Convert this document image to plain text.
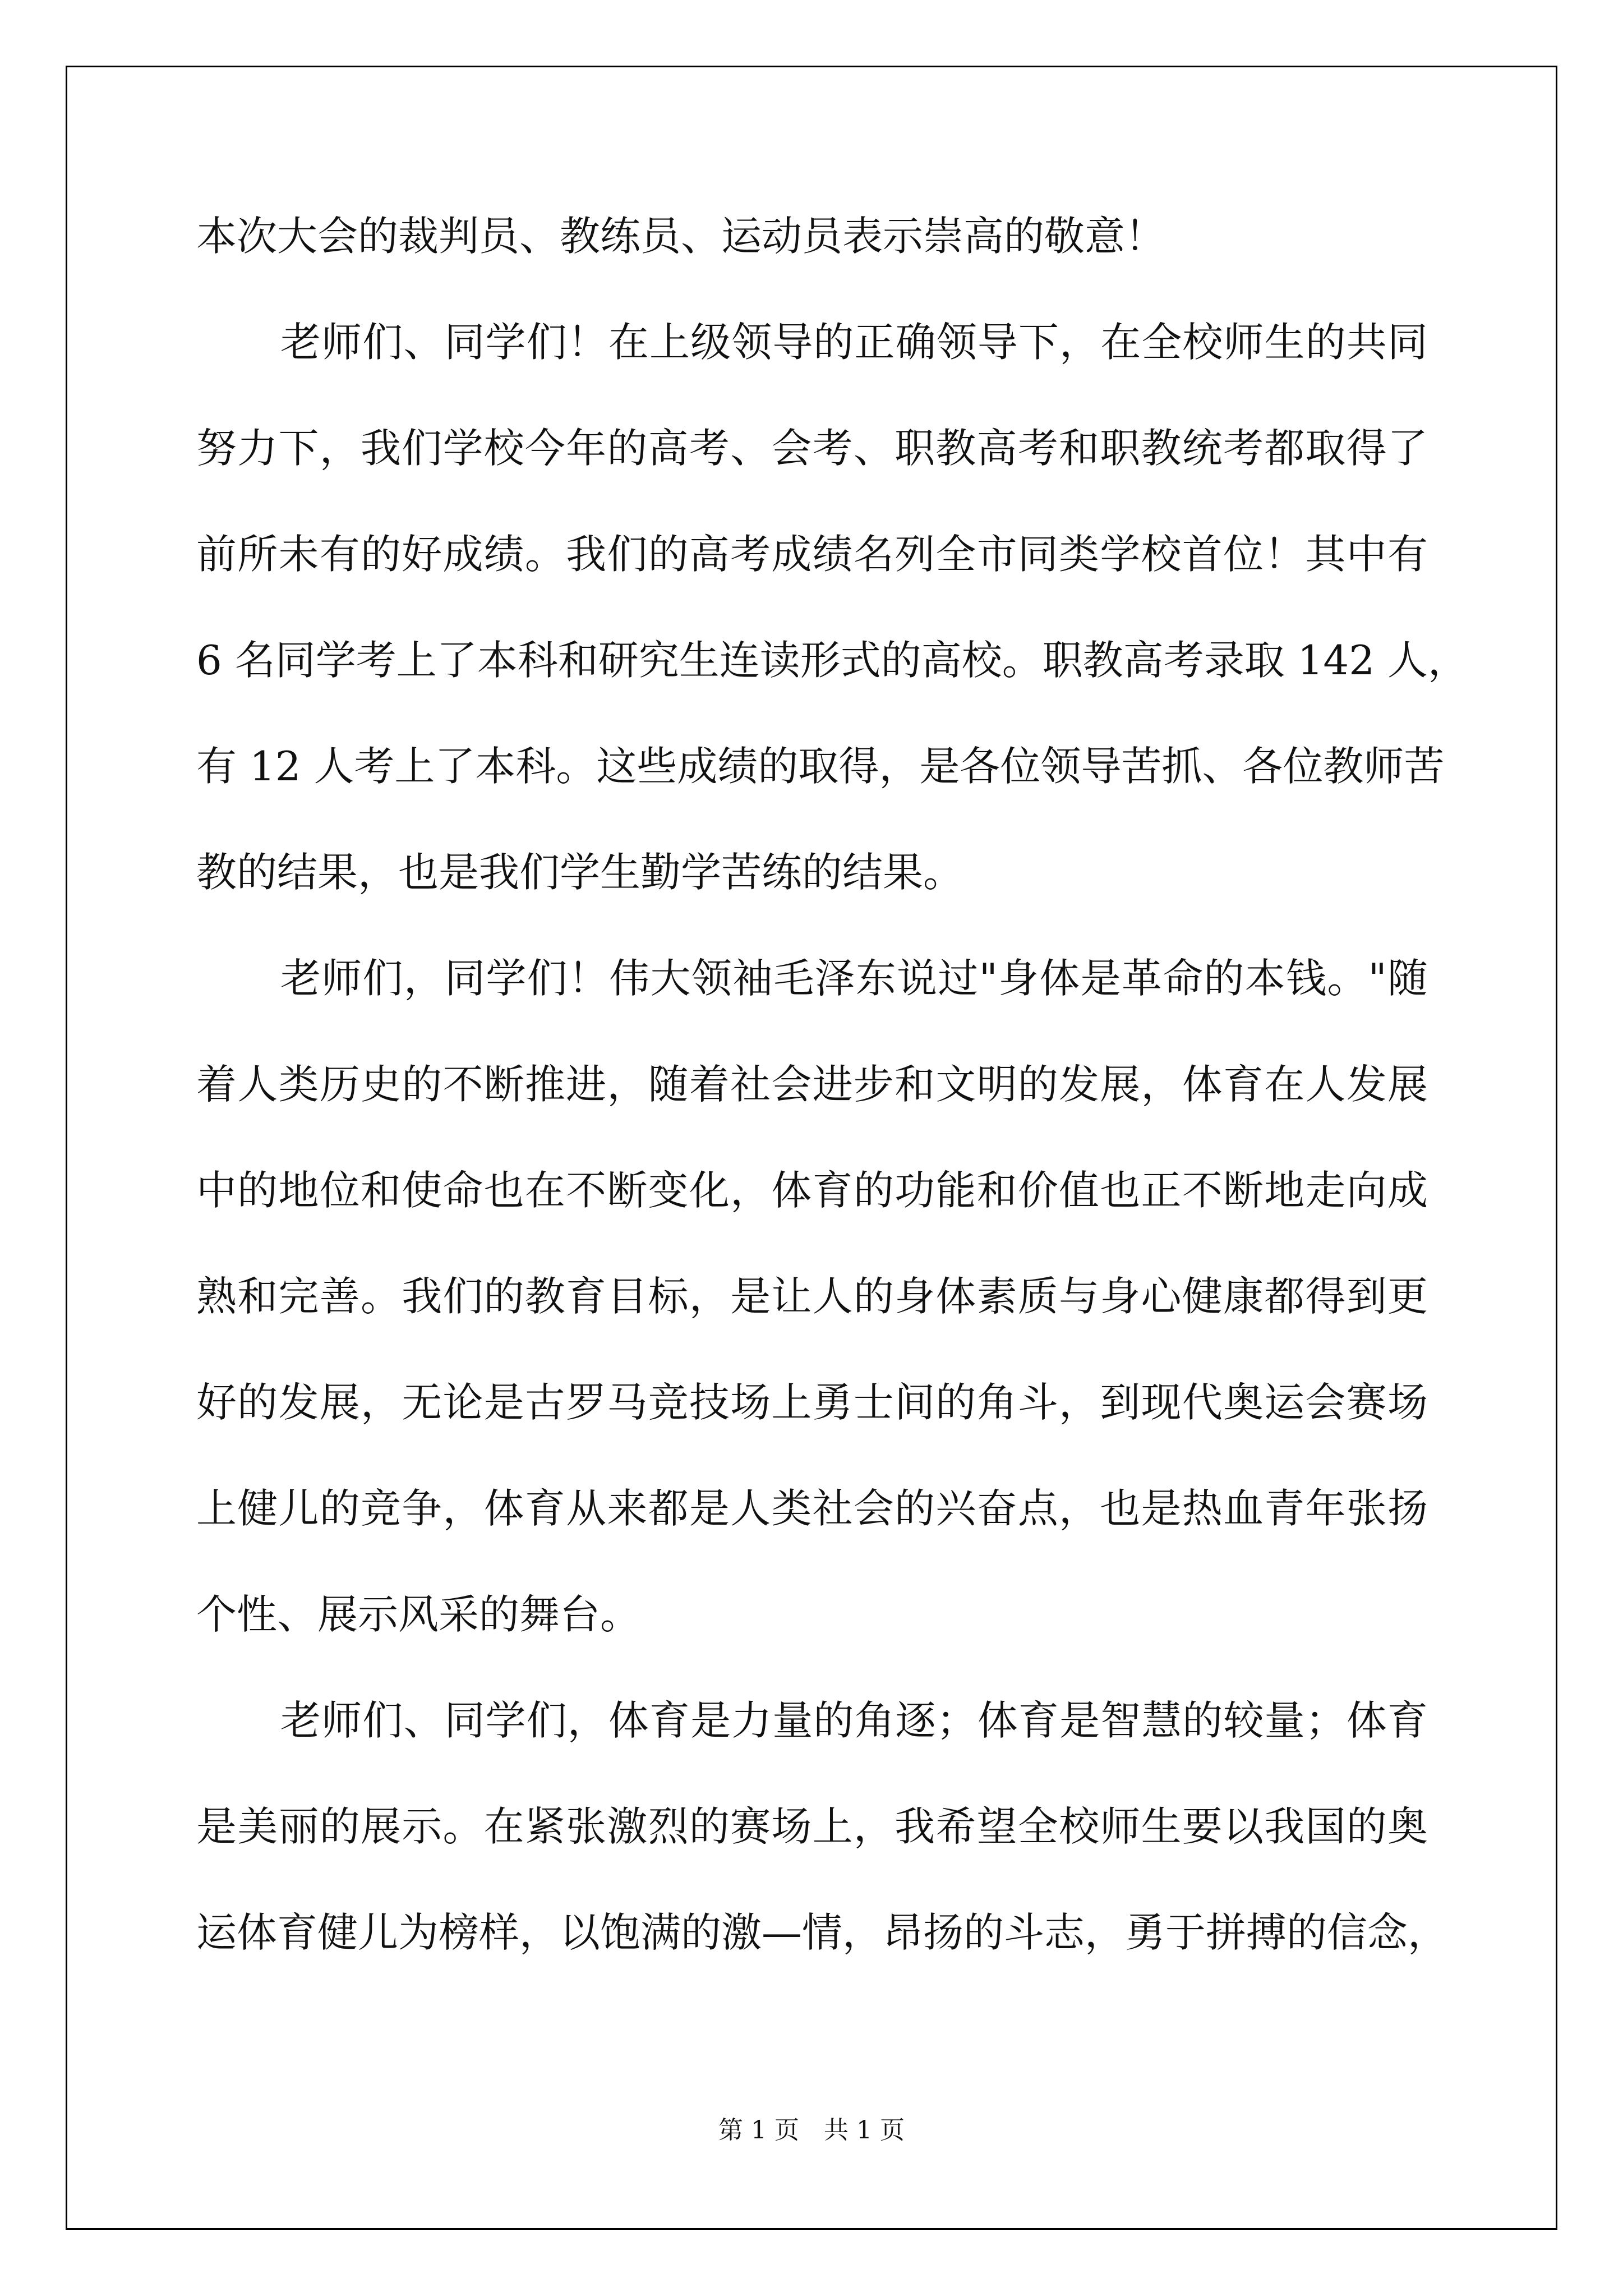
本次大会的裁判员、教练员、运动员表示崇高的敬意！
老师们、同学们！在上级领导的正确领导下，在全校师生的共同
努力下，我们学校今年的高考、会考、职教高考和职教统考都取得了
前所未有的好成绩。我们的高考成绩名列全市同类学校首位！其中有
6 名同学考上了本科和研究生连读形式的高校。职教高考录取 142 人，
有 12 人考上了本科。这些成绩的取得，是各位领导苦抓、各位教师苦
教的结果，也是我们学生勤学苦练的结果。
老师们，同学们！伟大领袖毛泽东说过"身体是革命的本钱。"随
着人类历史的不断推进，随着社会进步和文明的发展，体育在人发展
中的地位和使命也在不断变化，体育的功能和价值也正不断地走向成
熟和完善。我们的教育目标，是让人的身体素质与身心健康都得到更
好的发展，无论是古罗马竞技场上勇士间的角斗，到现代奥运会赛场
上健儿的竞争，体育从来都是人类社会的兴奋点，也是热血青年张扬
个性、展示风采的舞台。
老师们、同学们，体育是力量的角逐；体育是智慧的较量；体育
是美丽的展示。在紧张激烈的赛场上，我希望全校师生要以我国的奥
运体育健儿为榜样，以饱满的激—情，昂扬的斗志，勇于拼搏的信念，
第 1 页　共 1 页
